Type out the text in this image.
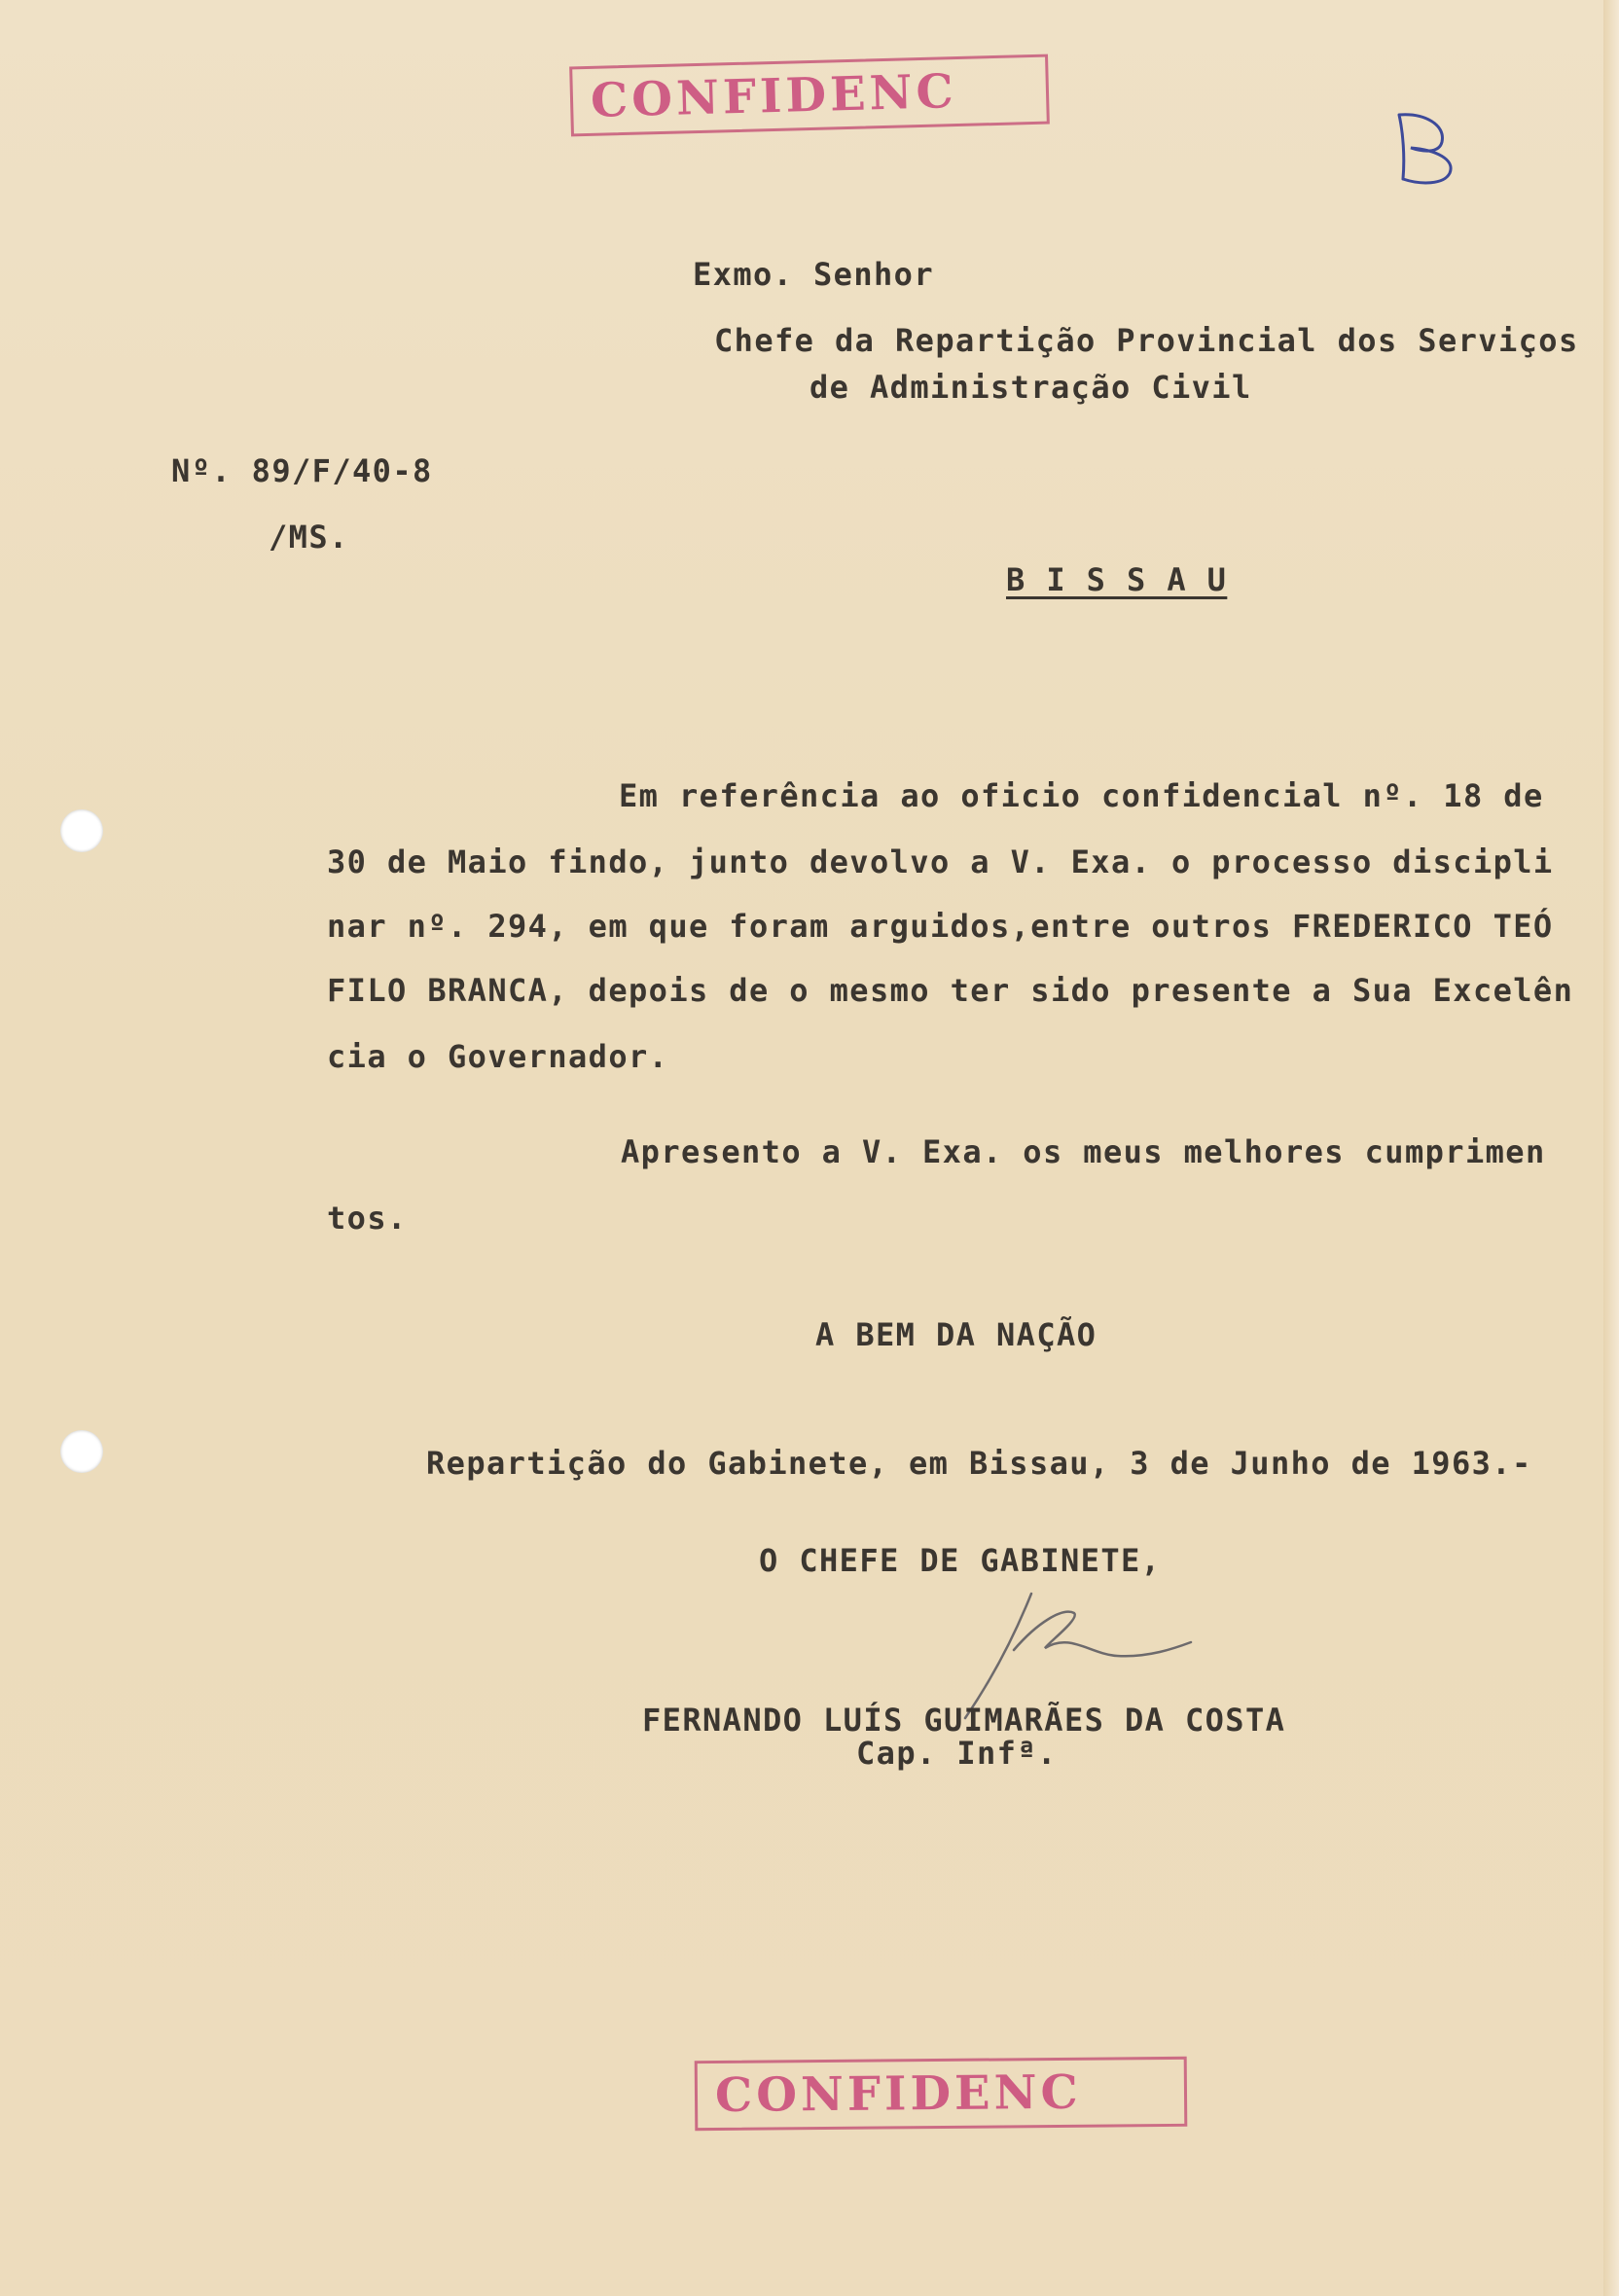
CONFIDENC

Exmo. Senhor

Chefe da Repartição Provincial dos Serviços

de Administração Civil

Nº. 89/F/40-8

/MS.

B I S S A U

Em referência ao oficio confidencial nº. 18 de

30 de Maio findo, junto devolvo a V. Exa. o processo discipli

nar nº. 294, em que foram arguidos,entre outros FREDERICO TEÓ

FILO BRANCA, depois de o mesmo ter sido presente a Sua Excelên

cia o Governador.

Apresento a V. Exa. os meus melhores cumprimen

tos.

A BEM DA NAÇÃO

Repartição do Gabinete, em Bissau, 3 de Junho de 1963.-

O CHEFE DE GABINETE,

FERNANDO LUÍS GUIMARÃES DA COSTA

Cap. Infª.

CONFIDENC
